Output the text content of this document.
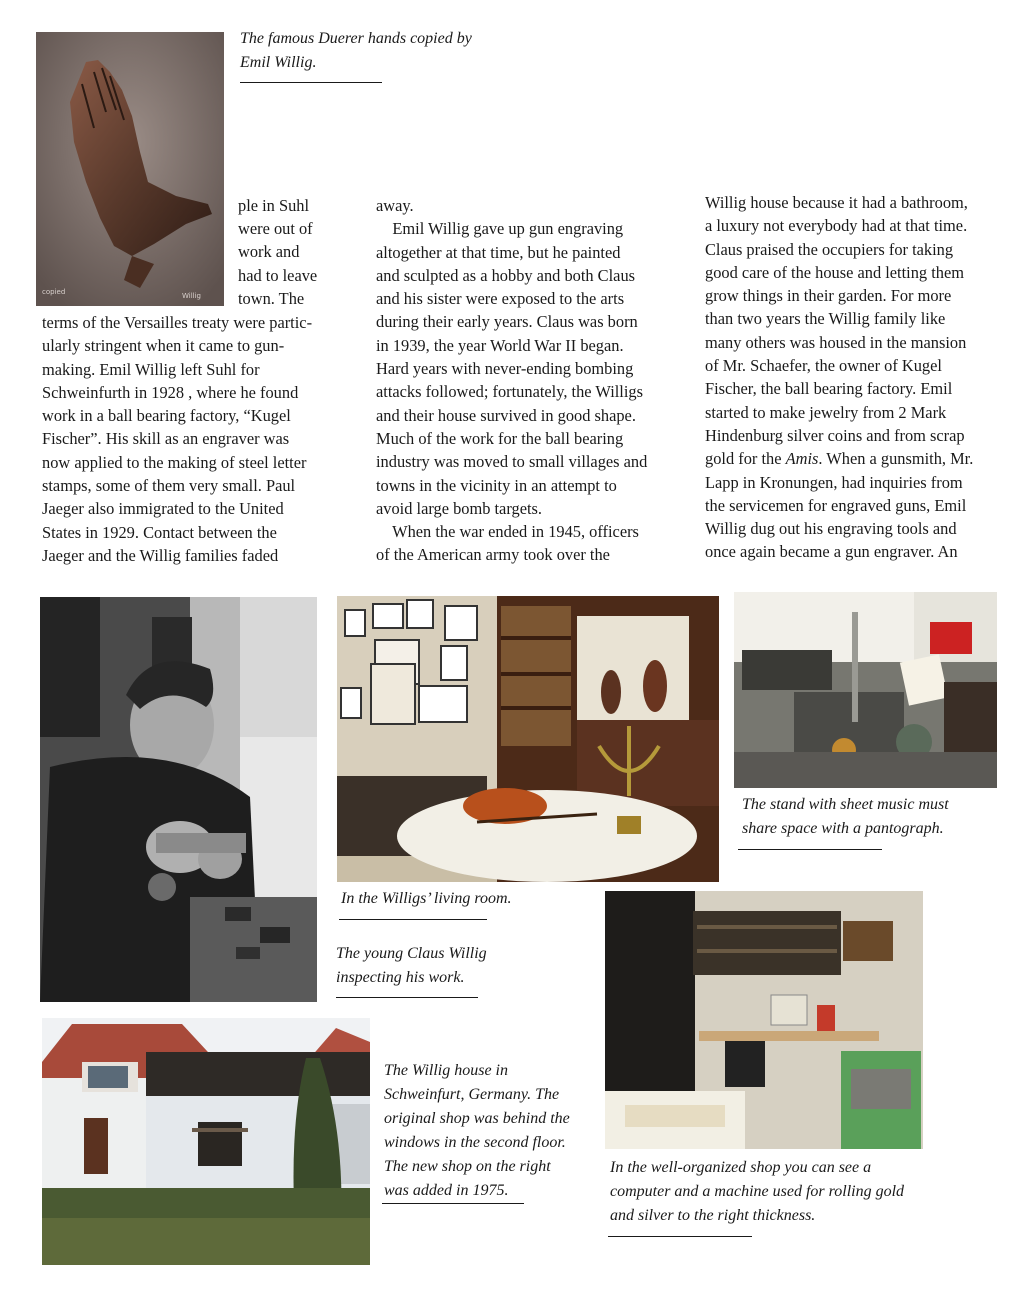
copied	Willig
The famous Duerer hands copied by
Emil Willig.
ple in Suhl
were out of
work and
had to leave
town. The

terms of the Versailles treaty were partic-

ularly stringent when it came to gun-

making. Emil Willig left Suhl for

Schweinfurth in 1928 , where he found

work in a ball bearing factory, “Kugel

Fischer”. His skill as an engraver was

now applied to the making of steel letter

stamps, some of them very small. Paul

Jaeger also immigrated to the United

States in 1929. Contact between the

Jaeger and the Willig families faded

away.

Emil Willig gave up gun engraving

altogether at that time, but he painted

and sculpted as a hobby and both Claus

and his sister were exposed to the arts

during their early years. Claus was born

in 1939, the year World War II began.

Hard years with never-ending bombing

attacks followed; fortunately, the Willigs

and their house survived in good shape.

Much of the work for the ball bearing

industry was moved to small villages and

towns in the vicinity in an attempt to

avoid large bomb targets.

When the war ended in 1945, officers

of the American army took over the

Willig house because it had a bathroom,

a luxury not everybody had at that time.

Claus praised the occupiers for taking

good care of the house and letting them

grow things in their garden. For more

than two years the Willig family like

many others was housed in the mansion

of Mr. Schaefer, the owner of Kugel

Fischer, the ball bearing factory. Emil

started to make jewelry from 2 Mark

Hindenburg silver coins and from scrap

gold for the Amis. When a gunsmith, Mr.

Lapp in Kronungen, had inquiries from

the servicemen for engraved guns, Emil

Willig dug out his engraving tools and

once again became a gun engraver. An

In the Willigs’ living room.
The young Claus Willig
inspecting his work.
The stand with sheet music must
share space with a pantograph.
In the well-organized shop you can see a
computer and a machine used for rolling gold
and silver to the right thickness.
The Willig house in
Schweinfurt, Germany. The
original shop was behind the
windows in the second floor.
The new shop on the right
was added in 1975.
